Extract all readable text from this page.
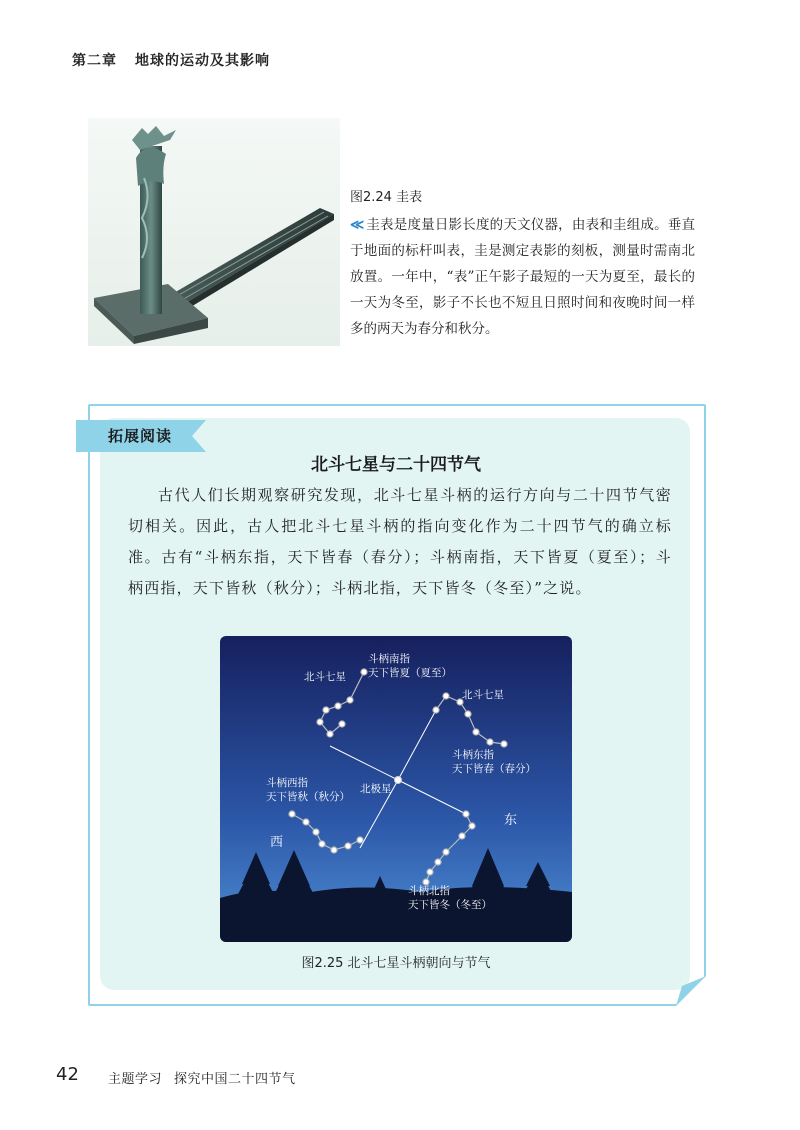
第二章 地球的运动及其影响
图2.24 圭表
≪ 圭表是度量日影长度的天文仪器，由表和圭组成。垂直于地面的标杆叫表，圭是测定表影的刻板，测量时需南北放置。一年中，“表”正午影子最短的一天为夏至，最长的一天为冬至，影子不长也不短且日照时间和夜晚时间一样多的两天为春分和秋分。
拓展阅读
北斗七星与二十四节气
古代人们长期观察研究发现，北斗七星斗柄的运行方向与二十四节气密切相关。因此，古人把北斗七星斗柄的指向变化作为二十四节气的确立标准。古有“斗柄东指，天下皆春（春分）；斗柄南指，天下皆夏（夏至）；斗柄西指，天下皆秋（秋分）；斗柄北指，天下皆冬（冬至）”之说。
斗柄南指
天下皆夏（夏至）
北斗七星
北斗七星
斗柄东指
天下皆春（春分）
北极星
斗柄西指
天下皆秋（秋分）
斗柄北指
天下皆冬（冬至）
西
东
图2.25 北斗七星斗柄朝向与节气
42 主题学习 探究中国二十四节气
